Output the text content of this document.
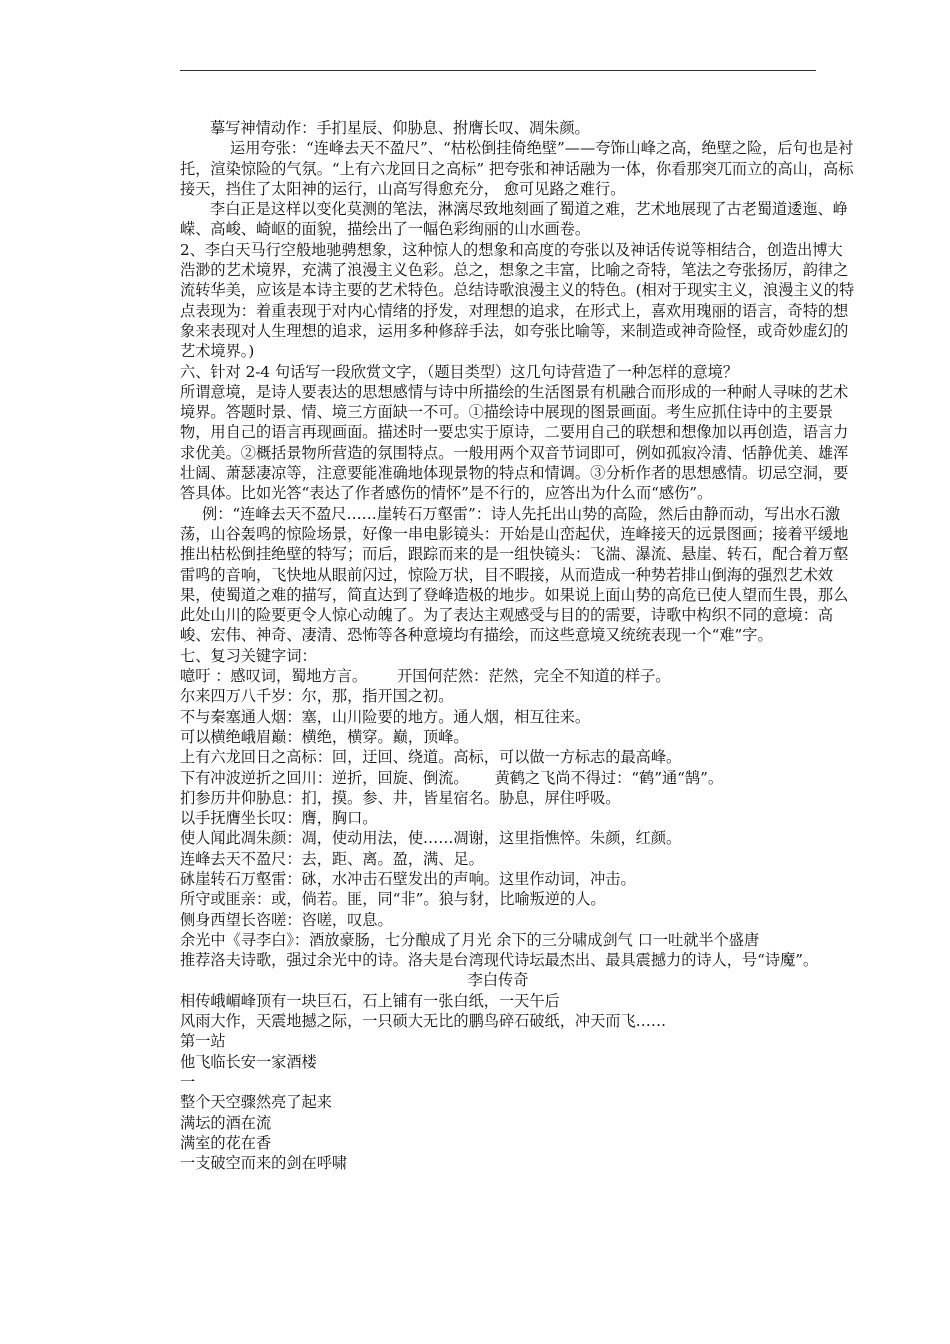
摹写神情动作：手扪星辰、仰胁息、拊膺长叹、凋朱颜。

运用夸张：“连峰去天不盈尺”、“枯松倒挂倚绝壁”——夸饰山峰之高，绝壁之险，后句也是衬托，渲染惊险的气氛。“上有六龙回日之高标” 把夸张和神话融为一体，你看那突兀而立的高山，高标接天，挡住了太阳神的运行，山高写得愈充分， 愈可见路之难行。

李白正是这样以变化莫测的笔法，淋漓尽致地刻画了蜀道之难，艺术地展现了古老蜀道逶迤、峥嵘、高峻、崎岖的面貌，描绘出了一幅色彩绚丽的山水画卷。

2、李白天马行空般地驰骋想象，这种惊人的想象和高度的夸张以及神话传说等相结合，创造出博大浩渺的艺术境界，充满了浪漫主义色彩。总之，想象之丰富，比喻之奇特，笔法之夸张扬厉，韵律之流转华美，应该是本诗主要的艺术特色。总结诗歌浪漫主义的特色。(相对于现实主义，浪漫主义的特点表现为：着重表现于对内心情绪的抒发，对理想的追求，在形式上，喜欢用瑰丽的语言，奇特的想象来表现对人生理想的追求，运用多种修辞手法，如夸张比喻等，来制造或神奇险怪，或奇妙虚幻的艺术境界。)

六、针对 2-4 句话写一段欣赏文字，（题目类型）这几句诗营造了一种怎样的意境？

所谓意境，是诗人要表达的思想感情与诗中所描绘的生活图景有机融合而形成的一种耐人寻味的艺术境界。答题时景、情、境三方面缺一不可。①描绘诗中展现的图景画面。考生应抓住诗中的主要景物，用自己的语言再现画面。描述时一要忠实于原诗，二要用自己的联想和想像加以再创造，语言力求优美。②概括景物所营造的氛围特点。一般用两个双音节词即可，例如孤寂冷清、恬静优美、雄浑壮阔、萧瑟凄凉等，注意要能准确地体现景物的特点和情调。③分析作者的思想感情。切忌空洞，要答具体。比如光答“表达了作者感伤的情怀”是不行的，应答出为什么而“感伤”。

例：“连峰去天不盈尺……崖转石万壑雷”：诗人先托出山势的高险，然后由静而动，写出水石激荡，山谷轰鸣的惊险场景，好像一串电影镜头：开始是山峦起伏，连峰接天的远景图画；接着平缓地推出枯松倒挂绝壁的特写；而后，跟踪而来的是一组快镜头：飞湍、瀑流、悬崖、转石，配合着万壑雷鸣的音响，飞快地从眼前闪过，惊险万状，目不暇接，从而造成一种势若排山倒海的强烈艺术效果，使蜀道之难的描写，简直达到了登峰造极的地步。如果说上面山势的高危已使人望而生畏，那么此处山川的险要更令人惊心动魄了。为了表达主观感受与目的的需要，诗歌中构织不同的意境：高峻、宏伟、神奇、凄清、恐怖等各种意境均有描绘，而这些意境又统统表现一个“难”字。

七、复习关键字词：

噫吁 ：感叹词，蜀地方言。 开国何茫然：茫然，完全不知道的样子。

尔来四万八千岁：尔，那，指开国之初。

不与秦塞通人烟：塞，山川险要的地方。通人烟，相互往来。

可以横绝峨眉巅：横绝，横穿。巅，顶峰。

上有六龙回日之高标：回，迂回、绕道。高标，可以做一方标志的最高峰。

下有冲波逆折之回川：逆折，回旋、倒流。 黄鹤之飞尚不得过：“鹤”通“鹄”。

扪参历井仰胁息：扪，摸。参、井，皆星宿名。胁息，屏住呼吸。

以手抚膺坐长叹：膺，胸口。

使人闻此凋朱颜：凋，使动用法，使……凋谢，这里指憔悴。朱颜，红颜。

连峰去天不盈尺：去，距、离。盈，满、足。

砯崖转石万壑雷：砯，水冲击石壁发出的声响。这里作动词，冲击。

所守或匪亲：或，倘若。匪，同“非”。狼与豺，比喻叛逆的人。

侧身西望长咨嗟：咨嗟，叹息。

余光中《寻李白》：酒放豪肠，七分酿成了月光 余下的三分啸成剑气 口一吐就半个盛唐

推荐洛夫诗歌，强过余光中的诗。洛夫是台湾现代诗坛最杰出、最具震撼力的诗人，号“诗魔”。

李白传奇

相传峨嵋峰顶有一块巨石，石上铺有一张白纸，一天午后

风雨大作，天震地撼之际，一只硕大无比的鹏鸟碎石破纸，冲天而飞……

第一站

他飞临长安一家酒楼

一

整个天空骤然亮了起来

满坛的酒在流

满室的花在香

一支破空而来的剑在呼啸
